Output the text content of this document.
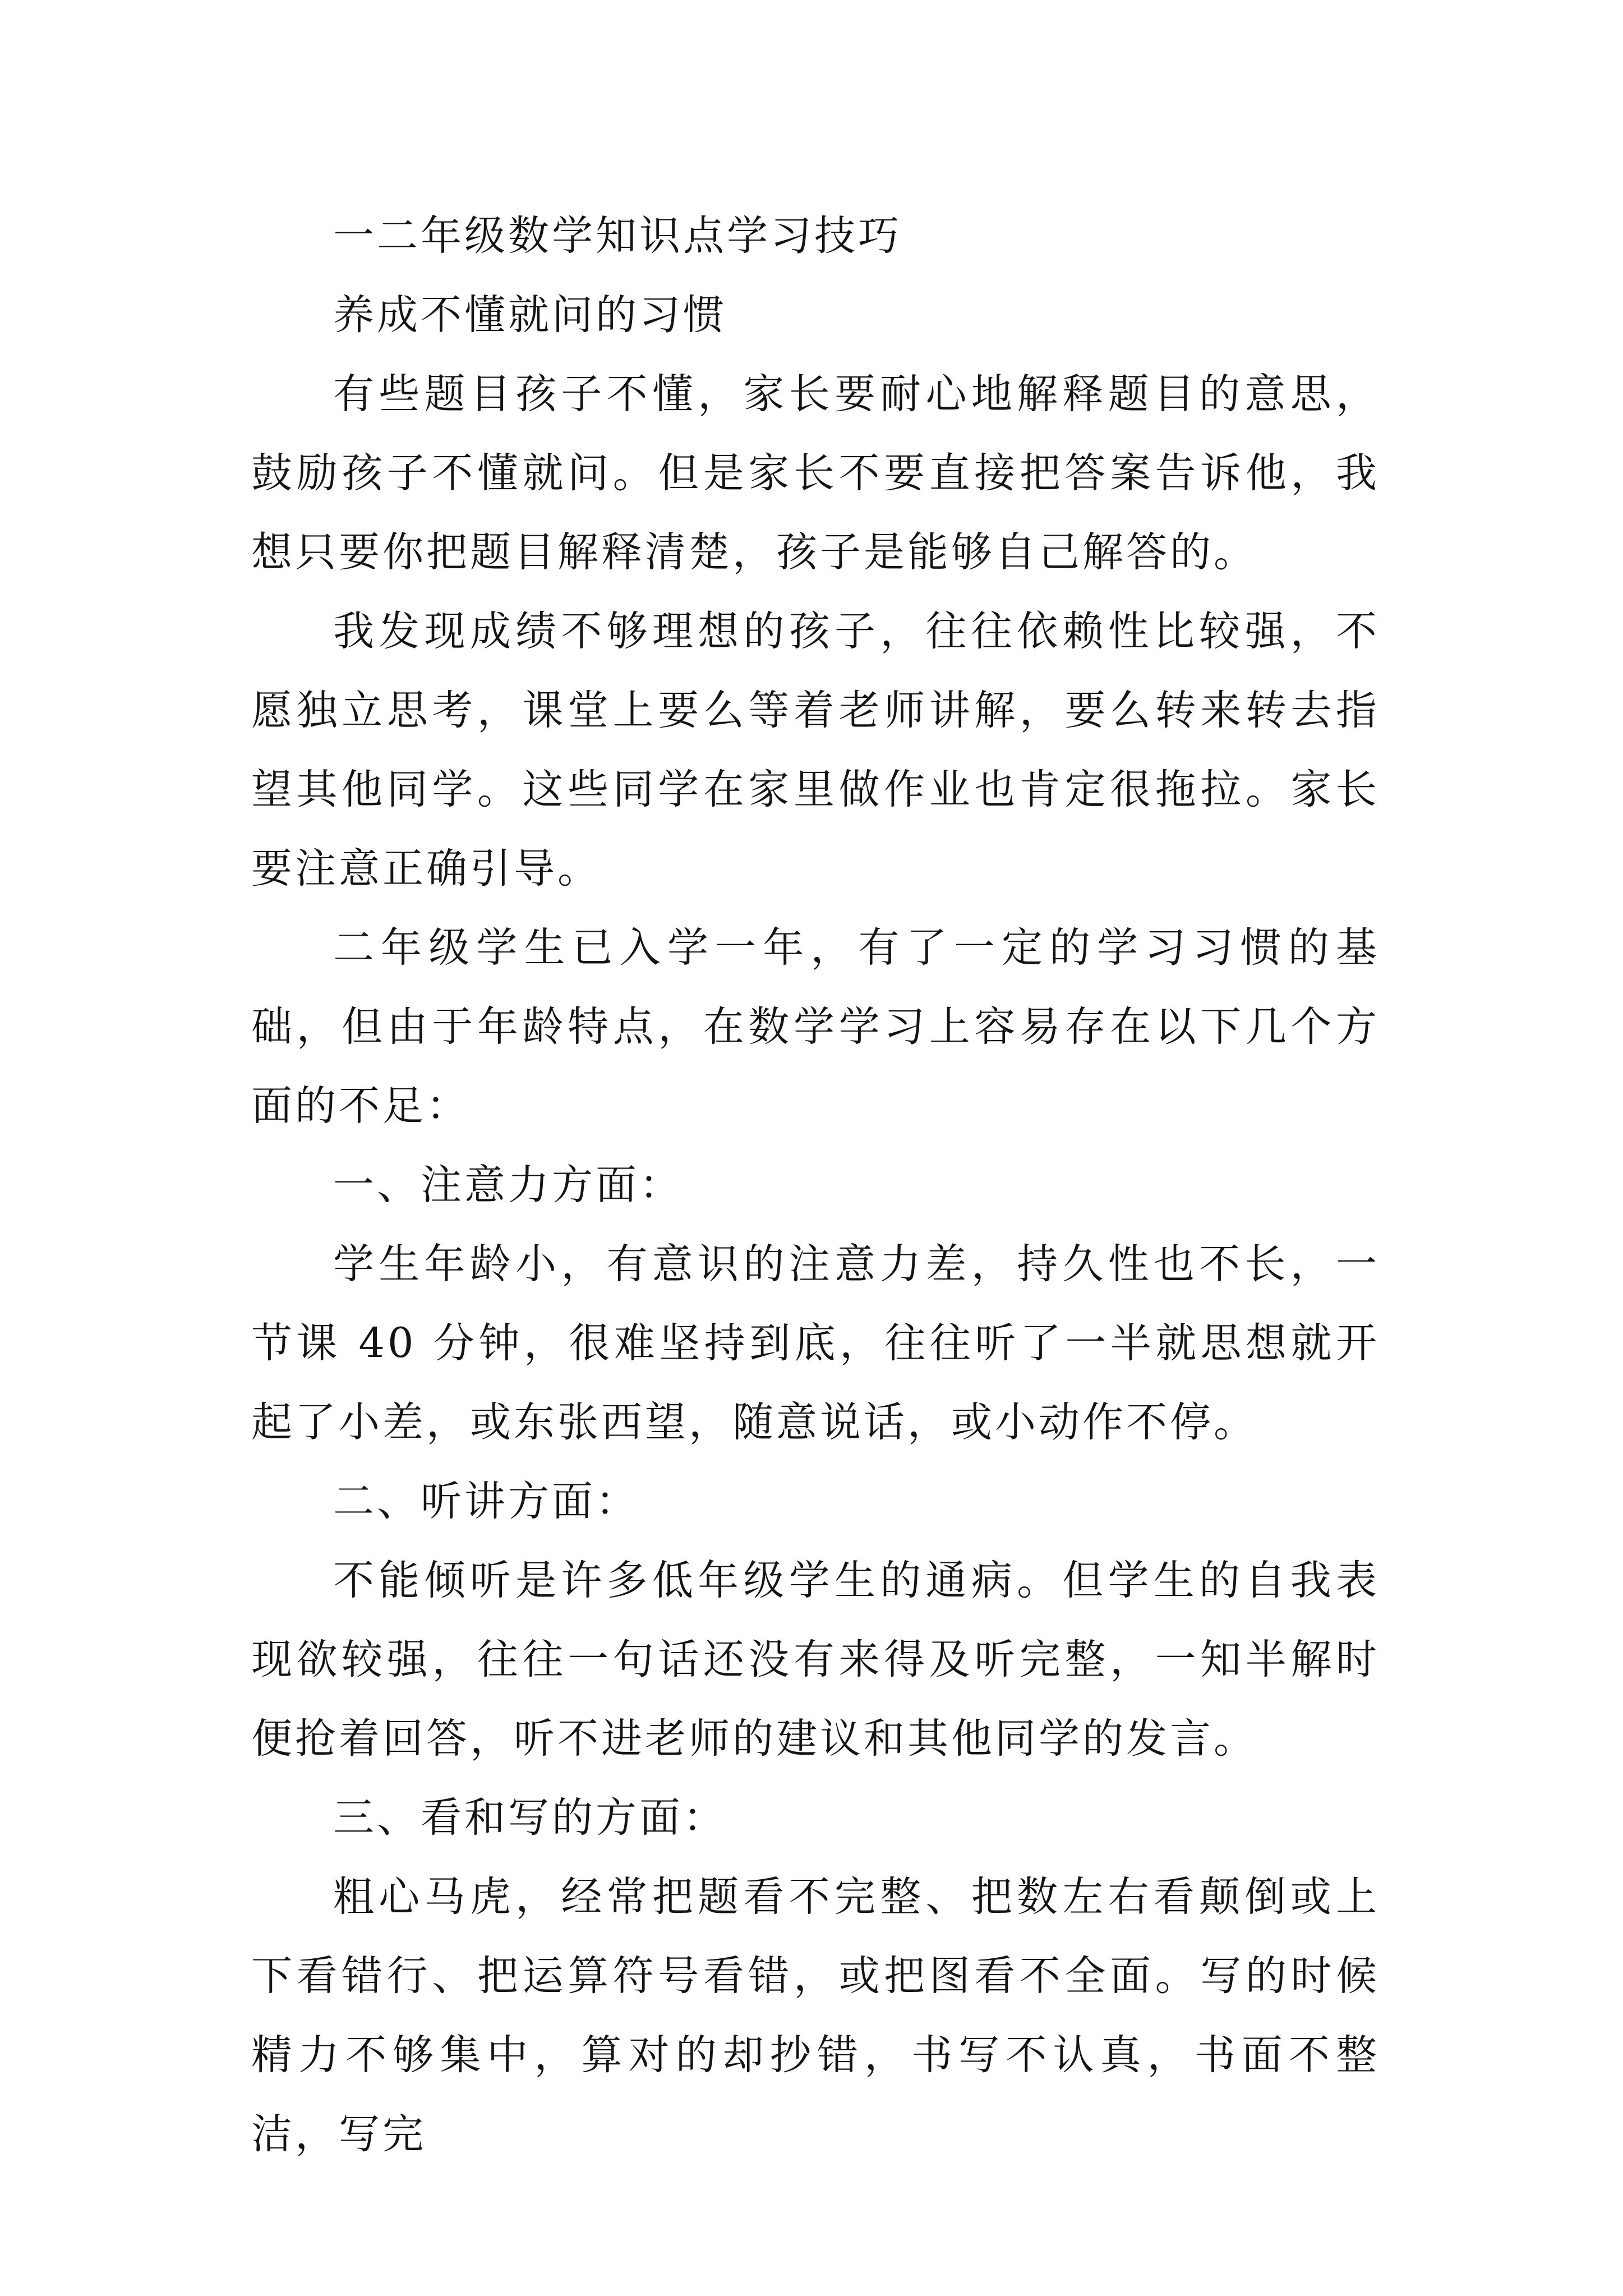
一二年级数学知识点学习技巧

养成不懂就问的习惯

有些题目孩子不懂，家长要耐心地解释题目的意思，鼓励孩子不懂就问。但是家长不要直接把答案告诉他，我想只要你把题目解释清楚，孩子是能够自己解答的。

我发现成绩不够理想的孩子，往往依赖性比较强，不愿独立思考，课堂上要么等着老师讲解，要么转来转去指望其他同学。这些同学在家里做作业也肯定很拖拉。家长要注意正确引导。

二年级学生已入学一年，有了一定的学习习惯的基础，但由于年龄特点，在数学学习上容易存在以下几个方面的不足：

一、注意力方面：

学生年龄小，有意识的注意力差，持久性也不长，一节课 40 分钟，很难坚持到底，往往听了一半就思想就开起了小差，或东张西望，随意说话，或小动作不停。

二、听讲方面：

不能倾听是许多低年级学生的通病。但学生的自我表现欲较强，往往一句话还没有来得及听完整，一知半解时便抢着回答，听不进老师的建议和其他同学的发言。

三、看和写的方面：

粗心马虎，经常把题看不完整、把数左右看颠倒或上下看错行、把运算符号看错，或把图看不全面。写的时候精力不够集中，算对的却抄错，书写不认真，书面不整洁，写完
